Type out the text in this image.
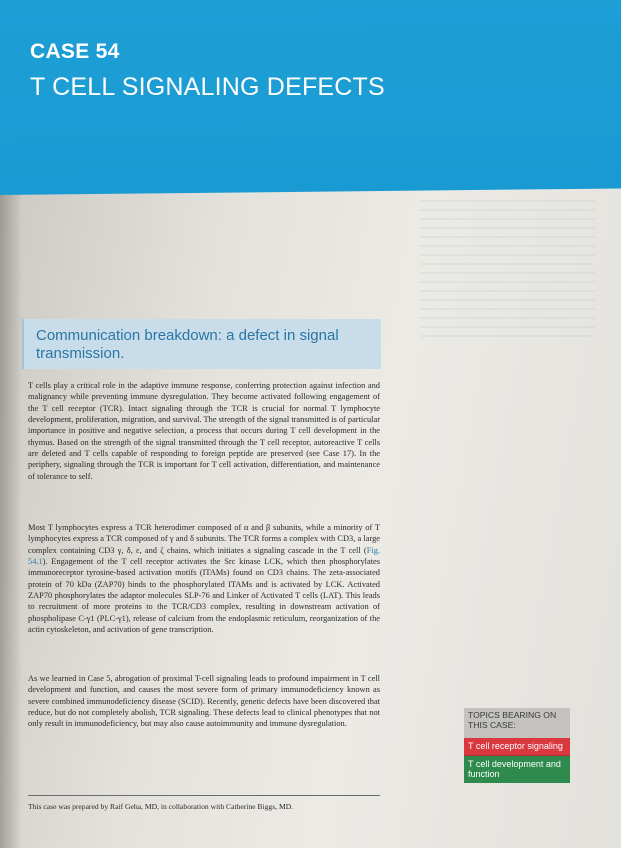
CASE 54
T CELL SIGNALING DEFECTS
Communication breakdown: a defect in signal transmission.

T cells play a critical role in the adaptive immune response, conferring protection against infection and malignancy while preventing immune dysregulation. They become activated following engagement of the T cell receptor (TCR). Intact signaling through the TCR is crucial for normal T lymphocyte development, proliferation, migration, and survival. The strength of the signal transmitted is of particular importance in positive and negative selection, a process that occurs during T cell development in the thymus. Based on the strength of the signal transmitted through the T cell receptor, autoreactive T cells are deleted and T cells capable of responding to foreign peptide are preserved (see Case 17). In the periphery, signaling through the TCR is important for T cell activation, differentiation, and maintenance of tolerance to self.

Most T lymphocytes express a TCR heterodimer composed of α and β subunits, while a minority of T lymphocytes express a TCR composed of γ and δ subunits. The TCR forms a complex with CD3, a large complex containing CD3 γ, δ, ε, and ζ chains, which initiates a signaling cascade in the T cell (Fig. 54.1). Engagement of the T cell receptor activates the Src kinase LCK, which then phosphorylates immunoreceptor tyrosine-based activation motifs (ITAMs) found on CD3 chains. The zeta-associated protein of 70 kDa (ZAP70) binds to the phosphorylated ITAMs and is activated by LCK. Activated ZAP70 phosphorylates the adaptor molecules SLP-76 and Linker of Activated T cells (LAT). This leads to recruitment of more proteins to the TCR/CD3 complex, resulting in downstream activation of phospholipase C-γ1 (PLC-γ1), release of calcium from the endoplasmic reticulum, reorganization of the actin cytoskeleton, and activation of gene transcription.

As we learned in Case 5, abrogation of proximal T-cell signaling leads to profound impairment in T cell development and function, and causes the most severe form of primary immunodeficiency known as severe combined immunodeficiency disease (SCID). Recently, genetic defects have been discovered that reduce, but do not completely abolish, TCR signaling. These defects lead to clinical phenotypes that not only result in immunodeficiency, but may also cause autoimmunity and immune dysregulation.

This case was prepared by Raif Geha, MD, in collaboration with Catherine Biggs, MD.
TOPICS BEARING ON THIS CASE:
T cell receptor signaling
T cell development and function
